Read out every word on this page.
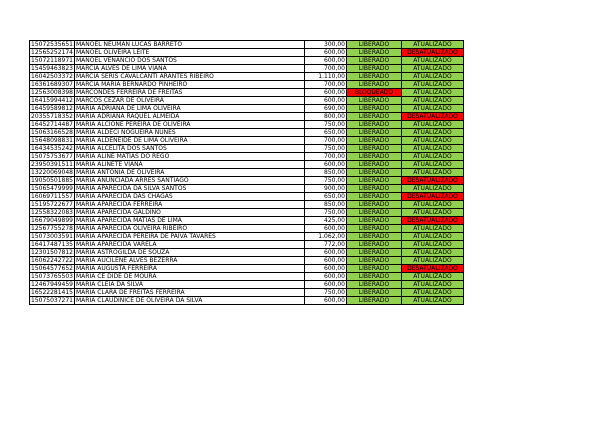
15072535651	MANOEL NEUMAN LUCAS BARRETO	300,00	LIBERADO	ATUALIZADO
12565252174	MANOEL OLIVEIRA LEITE	600,00	LIBERADO	DESATUALIZADO
15072118971	MANOEL VENANCIO DOS SANTOS	600,00	LIBERADO	ATUALIZADO
15459463823	MARCIA ALVES DE LIMA VIANA	700,00	LIBERADO	ATUALIZADO
16042503372	MARCIA SERIS CAVALCANTI ARANTES RIBEIRO	1.110,00	LIBERADO	ATUALIZADO
16361689307	MARCIA MARIA BERNARDO PINHEIRO	700,00	LIBERADO	ATUALIZADO
12563008398	MARCONDES FERREIRA DE FREITAS	600,00	BLOQUEADO	ATUALIZADO
16415994412	MARCOS CEZAR DE OLIVEIRA	600,00	LIBERADO	ATUALIZADO
16459589812	MARIA ADRIANA DE LIMA OLIVEIRA	690,00	LIBERADO	ATUALIZADO
20355718352	MARIA ADRIANA RAQUEL ALMEIDA	800,00	LIBERADO	DESATUALIZADO
16452714487	MARIA ALCIONE PEREIRA DE OLIVEIRA	750,00	LIBERADO	ATUALIZADO
15063166528	MARIA ALDECI NOGUEIRA NUNES	650,00	LIBERADO	ATUALIZADO
15648098831	MARIA ALDENEIDE DE LIMA OLIVEIRA	700,00	LIBERADO	ATUALIZADO
16434535242	MARIA ALCELITA DOS SANTOS	750,00	LIBERADO	ATUALIZADO
15075753677	MARIA ALINE MATIAS DO REGO	700,00	LIBERADO	ATUALIZADO
23950391511	MARIA ALINETE VIANA	600,00	LIBERADO	ATUALIZADO
13220069048	MARIA ANTONIA DE OLIVEIRA	850,00	LIBERADO	ATUALIZADO
19050501885	MARIA ANUNCIADA ARRES SANTIAGO	750,00	LIBERADO	DESATUALIZADO
15065479999	MARIA APARECIDA DA SILVA SANTOS	900,00	LIBERADO	ATUALIZADO
16069711557	MARIA APARECIDA DAS CHAGAS	650,00	LIBERADO	DESATUALIZADO
15195722677	MARIA APARECIDA FERREIRA	850,00	LIBERADO	ATUALIZADO
12558322083	MARIA APARECIDA GALDINO	750,00	LIBERADO	ATUALIZADO
16679049899	MARIA APARECIDA MATIAS DE LIMA	425,00	LIBERADO	DESATUALIZADO
12567755278	MARIA APARECIDA OLIVEIRA RIBEIRO	600,00	LIBERADO	ATUALIZADO
15073003591	MARIA APARECIDA PEREIRA DE PAIVA TAVARES	1.062,00	LIBERADO	ATUALIZADO
16417487135	MARIA APARECIDA VARELA	772,00	LIBERADO	ATUALIZADO
12301507812	MARIA ASTROGILDA DE SOUZA	600,00	LIBERADO	ATUALIZADO
16062242722	MARIA AUCILENE ALVES BEZERRA	600,00	LIBERADO	ATUALIZADO
15064577652	MARIA AUGUSTA FERREIRA	600,00	LIBERADO	DESATUALIZADO
15073765503	MARIA CE DIDE DE MOURA	600,00	LIBERADO	ATUALIZADO
12467949459	MARIA CLEIA DA SILVA	600,00	LIBERADO	ATUALIZADO
16522281415	MARIA CLARA DE FREITAS FERREIRA	750,00	LIBERADO	ATUALIZADO
15075037271	MARIA CLAUDINICE DE OLIVEIRA DA SILVA	600,00	LIBERADO	ATUALIZADO
